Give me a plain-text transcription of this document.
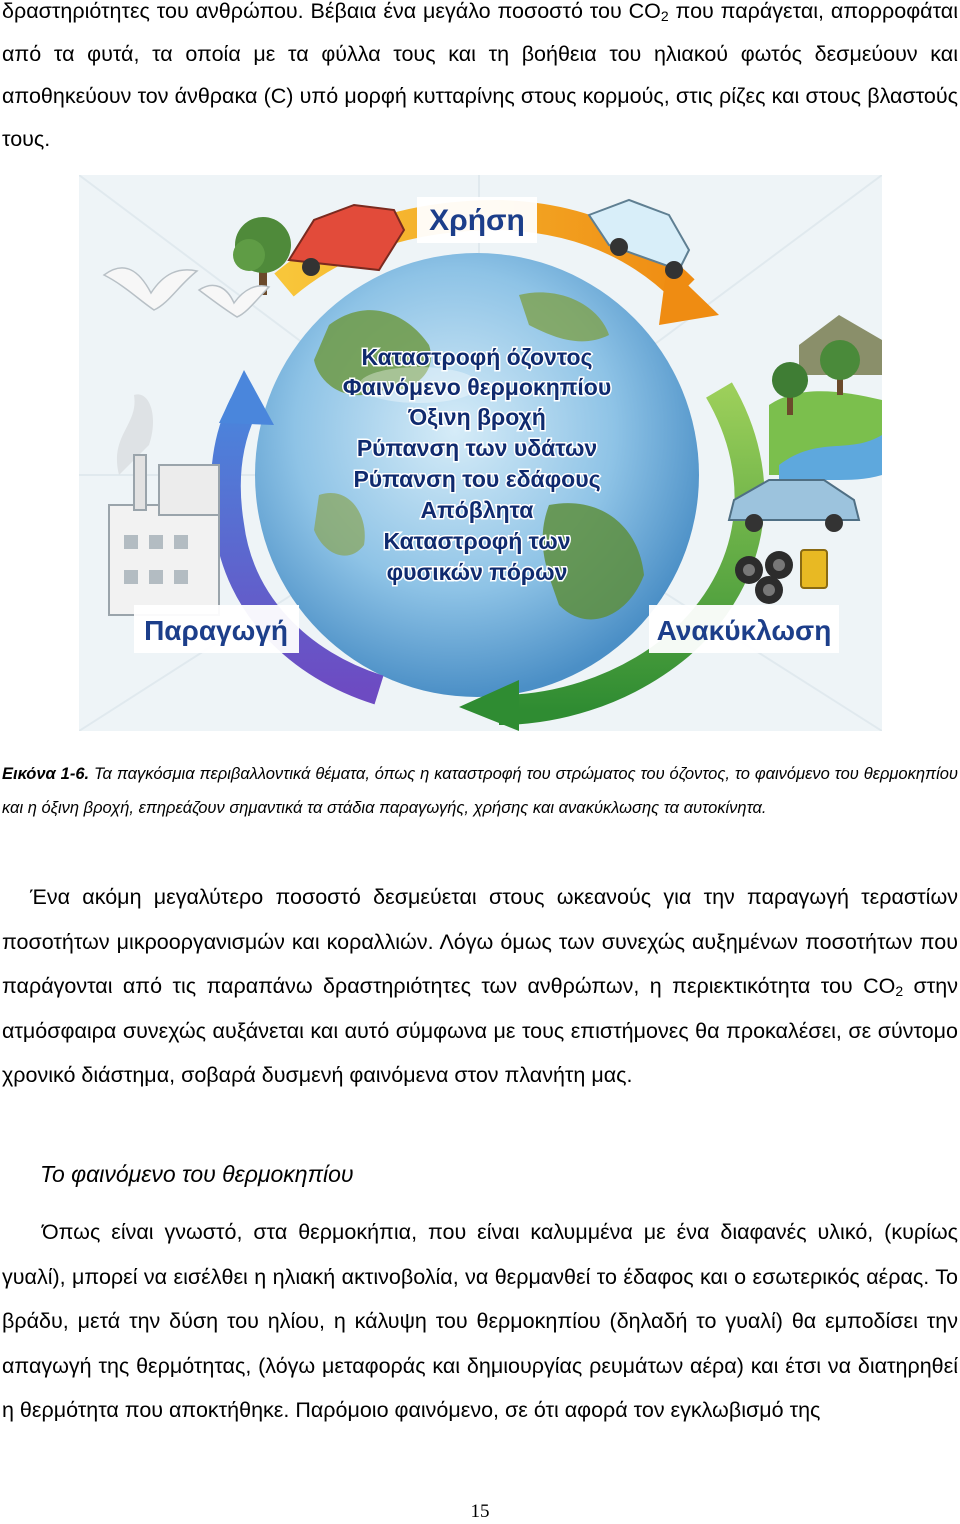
δραστηριότητες του ανθρώπου. Βέβαια ένα μεγάλο ποσοστό του $CO_2$ που παράγεται, απορροφάται από τα φυτά, τα οποία με τα φύλλα τους και τη βοήθεια του ηλιακού φωτός δεσμεύουν και αποθηκεύουν τον άνθρακα (C) υπό μορφή κυτταρίνης στους κορμούς, στις ρίζες και στους βλαστούς τους.

Χρήση
Παραγωγή	Ανακύκλωση
Καταστροφή όζοντος
Φαινόμενο θερμοκηπίου
Όξινη βροχή
Ρύπανση των υδάτων
Ρύπανση του εδάφους
Απόβλητα
Καταστροφή των
φυσικών πόρων

Εικόνα 1-6. Τα παγκόσμια περιβαλλοντικά θέματα, όπως η καταστροφή του στρώματος του όζοντος, το φαινόμενο του θερμοκηπίου και η όξινη βροχή, επηρεάζουν σημαντικά τα στάδια παραγωγής, χρήσης και ανακύκλωσης τα αυτοκίνητα.

Ένα ακόμη μεγαλύτερο ποσοστό δεσμεύεται στους ωκεανούς για την παραγωγή τεραστίων ποσοτήτων μικροοργανισμών και κοραλλιών. Λόγω όμως των συνεχώς αυξημένων ποσοτήτων που παράγονται από τις παραπάνω δραστηριότητες των ανθρώπων, η περιεκτικότητα του $CO_2$ στην ατμόσφαιρα συνεχώς αυξάνεται και αυτό σύμφωνα με τους επιστήμονες θα προκαλέσει, σε σύντομο χρονικό διάστημα, σοβαρά δυσμενή φαινόμενα στον πλανήτη μας.

Το φαινόμενο του θερμοκηπίου

Όπως είναι γνωστό, στα θερμοκήπια, που είναι καλυμμένα με ένα διαφανές υλικό, (κυρίως γυαλί), μπορεί να εισέλθει η ηλιακή ακτινοβολία, να θερμανθεί το έδαφος και ο εσωτερικός αέρας. Το βράδυ, μετά την δύση του ηλίου, η κάλυψη του θερμοκηπίου (δηλαδή το γυαλί) θα εμποδίσει την απαγωγή της θερμότητας, (λόγω μεταφοράς και δημιουργίας ρευμάτων αέρα) και έτσι να διατηρηθεί η θερμότητα που αποκτήθηκε. Παρόμοιο φαινόμενο, σε ότι αφορά τον εγκλωβισμό της

15
